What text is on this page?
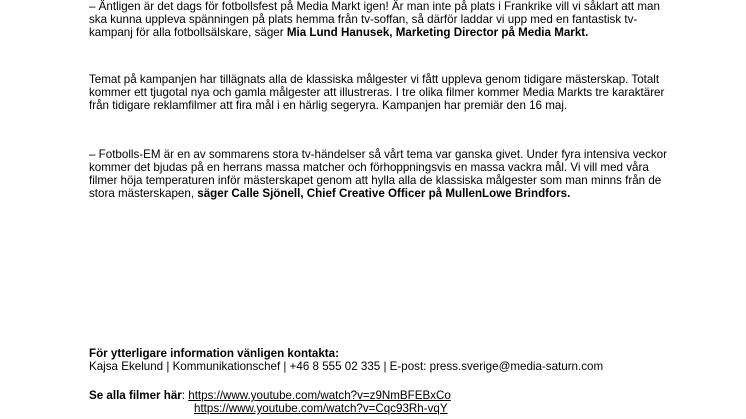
– Äntligen är det dags för fotbollsfest på Media Markt igen! Är man inte på plats i Frankrike vill vi såklart att man ska kunna uppleva spänningen på plats hemma från tv-soffan, så därför laddar vi upp med en fantastisk tv-kampanj för alla fotbollsälskare, säger Mia Lund Hanusek, Marketing Director på Media Markt.

Temat på kampanjen har tillägnats alla de klassiska målgester vi fått uppleva genom tidigare mästerskap. Totalt kommer ett tjugotal nya och gamla målgester att illustreras. I tre olika filmer kommer Media Markts tre karaktärer från tidigare reklamfilmer att fira mål i en härlig segeryra. Kampanjen har premiär den 16 maj.

– Fotbolls-EM är en av sommarens stora tv-händelser så vårt tema var ganska givet. Under fyra intensiva veckor kommer det bjudas på en herrans massa matcher och förhoppningsvis en massa vackra mål. Vi vill med våra filmer höja temperaturen inför mästerskapet genom att hylla alla de klassiska målgester som man minns från de stora mästerskapen, säger Calle Sjönell, Chief Creative Officer på MullenLowe Brindfors.

För ytterligare information vänligen kontakta:
Kajsa Ekelund | Kommunikationschef | +46 8 555 02 335 | E-post: press.sverige@media-saturn.com
Se alla filmer här: https://www.youtube.com/watch?v=z9NmBFEBxCo
https://www.youtube.com/watch?v=Cqc93Rh-vqY
